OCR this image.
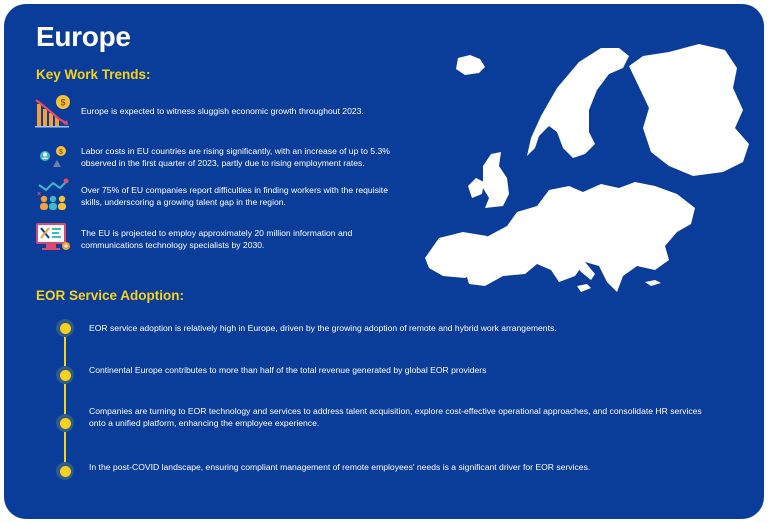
Europe
Key Work Trends:
$
Europe is expected to witness sluggish economic growth throughout 2023.
$ Labor costs in EU countries are rising significantly, with an increase of up to 5.3% observed in the first quarter of 2023, partly due to rising employment rates.
×	Over 75% of EU companies report difficulties in finding workers with the requisite skills, underscoring a growing talent gap in the region.
The EU is projected to employ approximately 20 million information and communications technology specialists by 2030.
EOR Service Adoption:
EOR service adoption is relatively high in Europe, driven by the growing adoption of remote and hybrid work arrangements.
Continental Europe contributes to more than half of the total revenue generated by global EOR providers
Companies are turning to EOR technology and services to address talent acquisition, explore cost-effective operational approaches, and consolidate HR services onto a unified platform, enhancing the employee experience.
In the post-COVID landscape, ensuring compliant management of remote employees' needs is a significant driver for EOR services.
